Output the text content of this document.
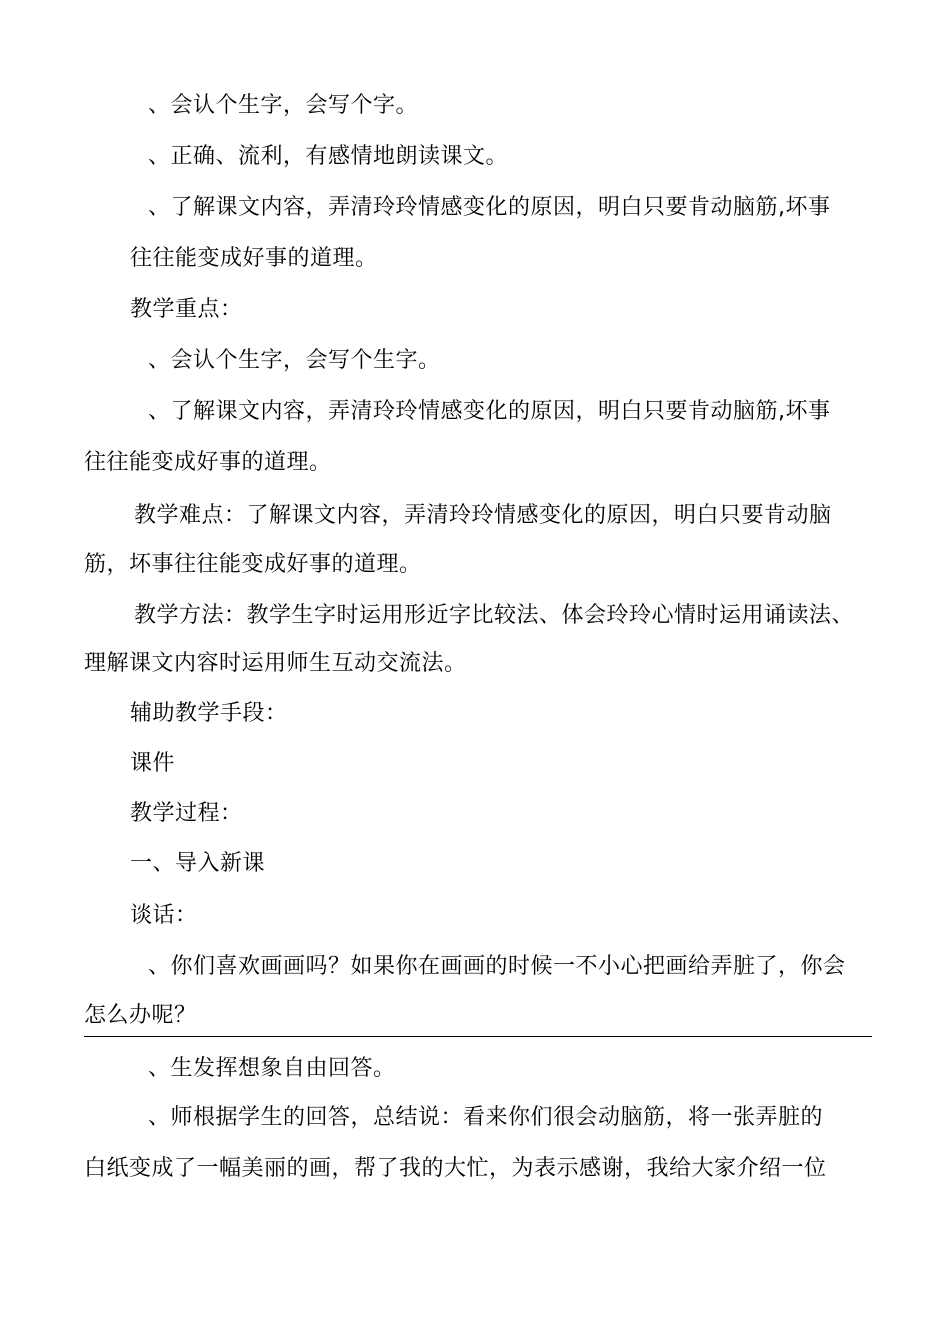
、会认个生字，会写个字。
、正确、流利，有感情地朗读课文。
、了解课文内容，弄清玲玲情感变化的原因，明白只要肯动脑筋,坏事
往往能变成好事的道理。
教学重点：
、会认个生字，会写个生字。
、了解课文内容，弄清玲玲情感变化的原因，明白只要肯动脑筋,坏事
往往能变成好事的道理。
教学难点：了解课文内容，弄清玲玲情感变化的原因，明白只要肯动脑
筋，坏事往往能变成好事的道理。
教学方法：教学生字时运用形近字比较法、体会玲玲心情时运用诵读法、
理解课文内容时运用师生互动交流法。
辅助教学手段：
课件
教学过程：
一、导入新课
谈话：
、你们喜欢画画吗？如果你在画画的时候一不小心把画给弄脏了，你会
怎么办呢？
、生发挥想象自由回答。
、师根据学生的回答，总结说：看来你们很会动脑筋，将一张弄脏的
白纸变成了一幅美丽的画，帮了我的大忙，为表示感谢，我给大家介绍一位
